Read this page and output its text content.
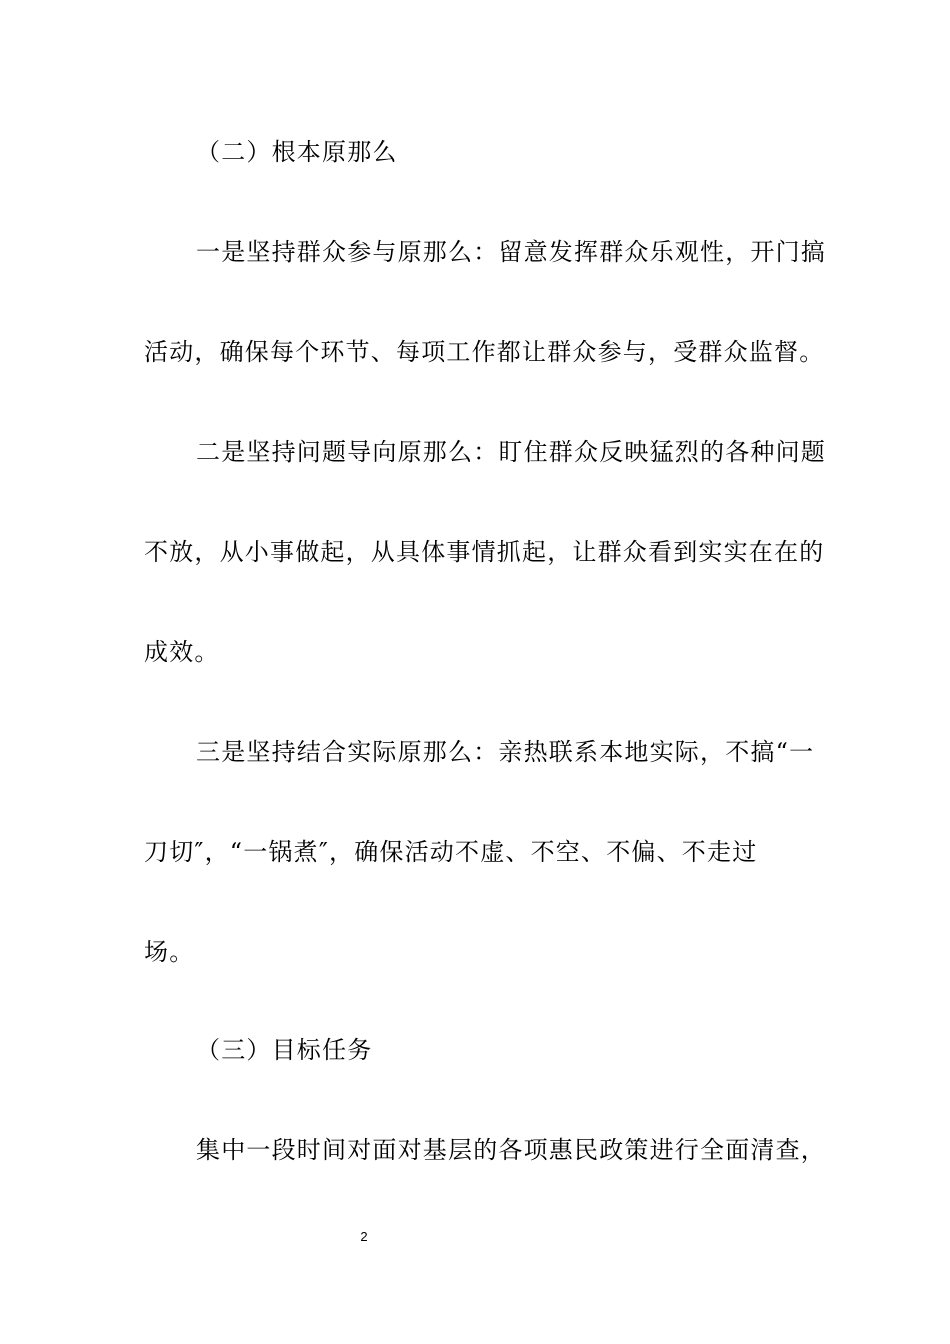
（二）根本原那么
一是坚持群众参与原那么：留意发挥群众乐观性，开门搞
活动，确保每个环节、每项工作都让群众参与，受群众监督。
二是坚持问题导向原那么：盯住群众反映猛烈的各种问题
不放，从小事做起，从具体事情抓起，让群众看到实实在在的
成效。
三是坚持结合实际原那么：亲热联系本地实际，不搞“一
刀切″，“一锅煮″，确保活动不虚、不空、不偏、不走过
场。
（三）目标任务
集中一段时间对面对基层的各项惠民政策进行全面清查，
2
